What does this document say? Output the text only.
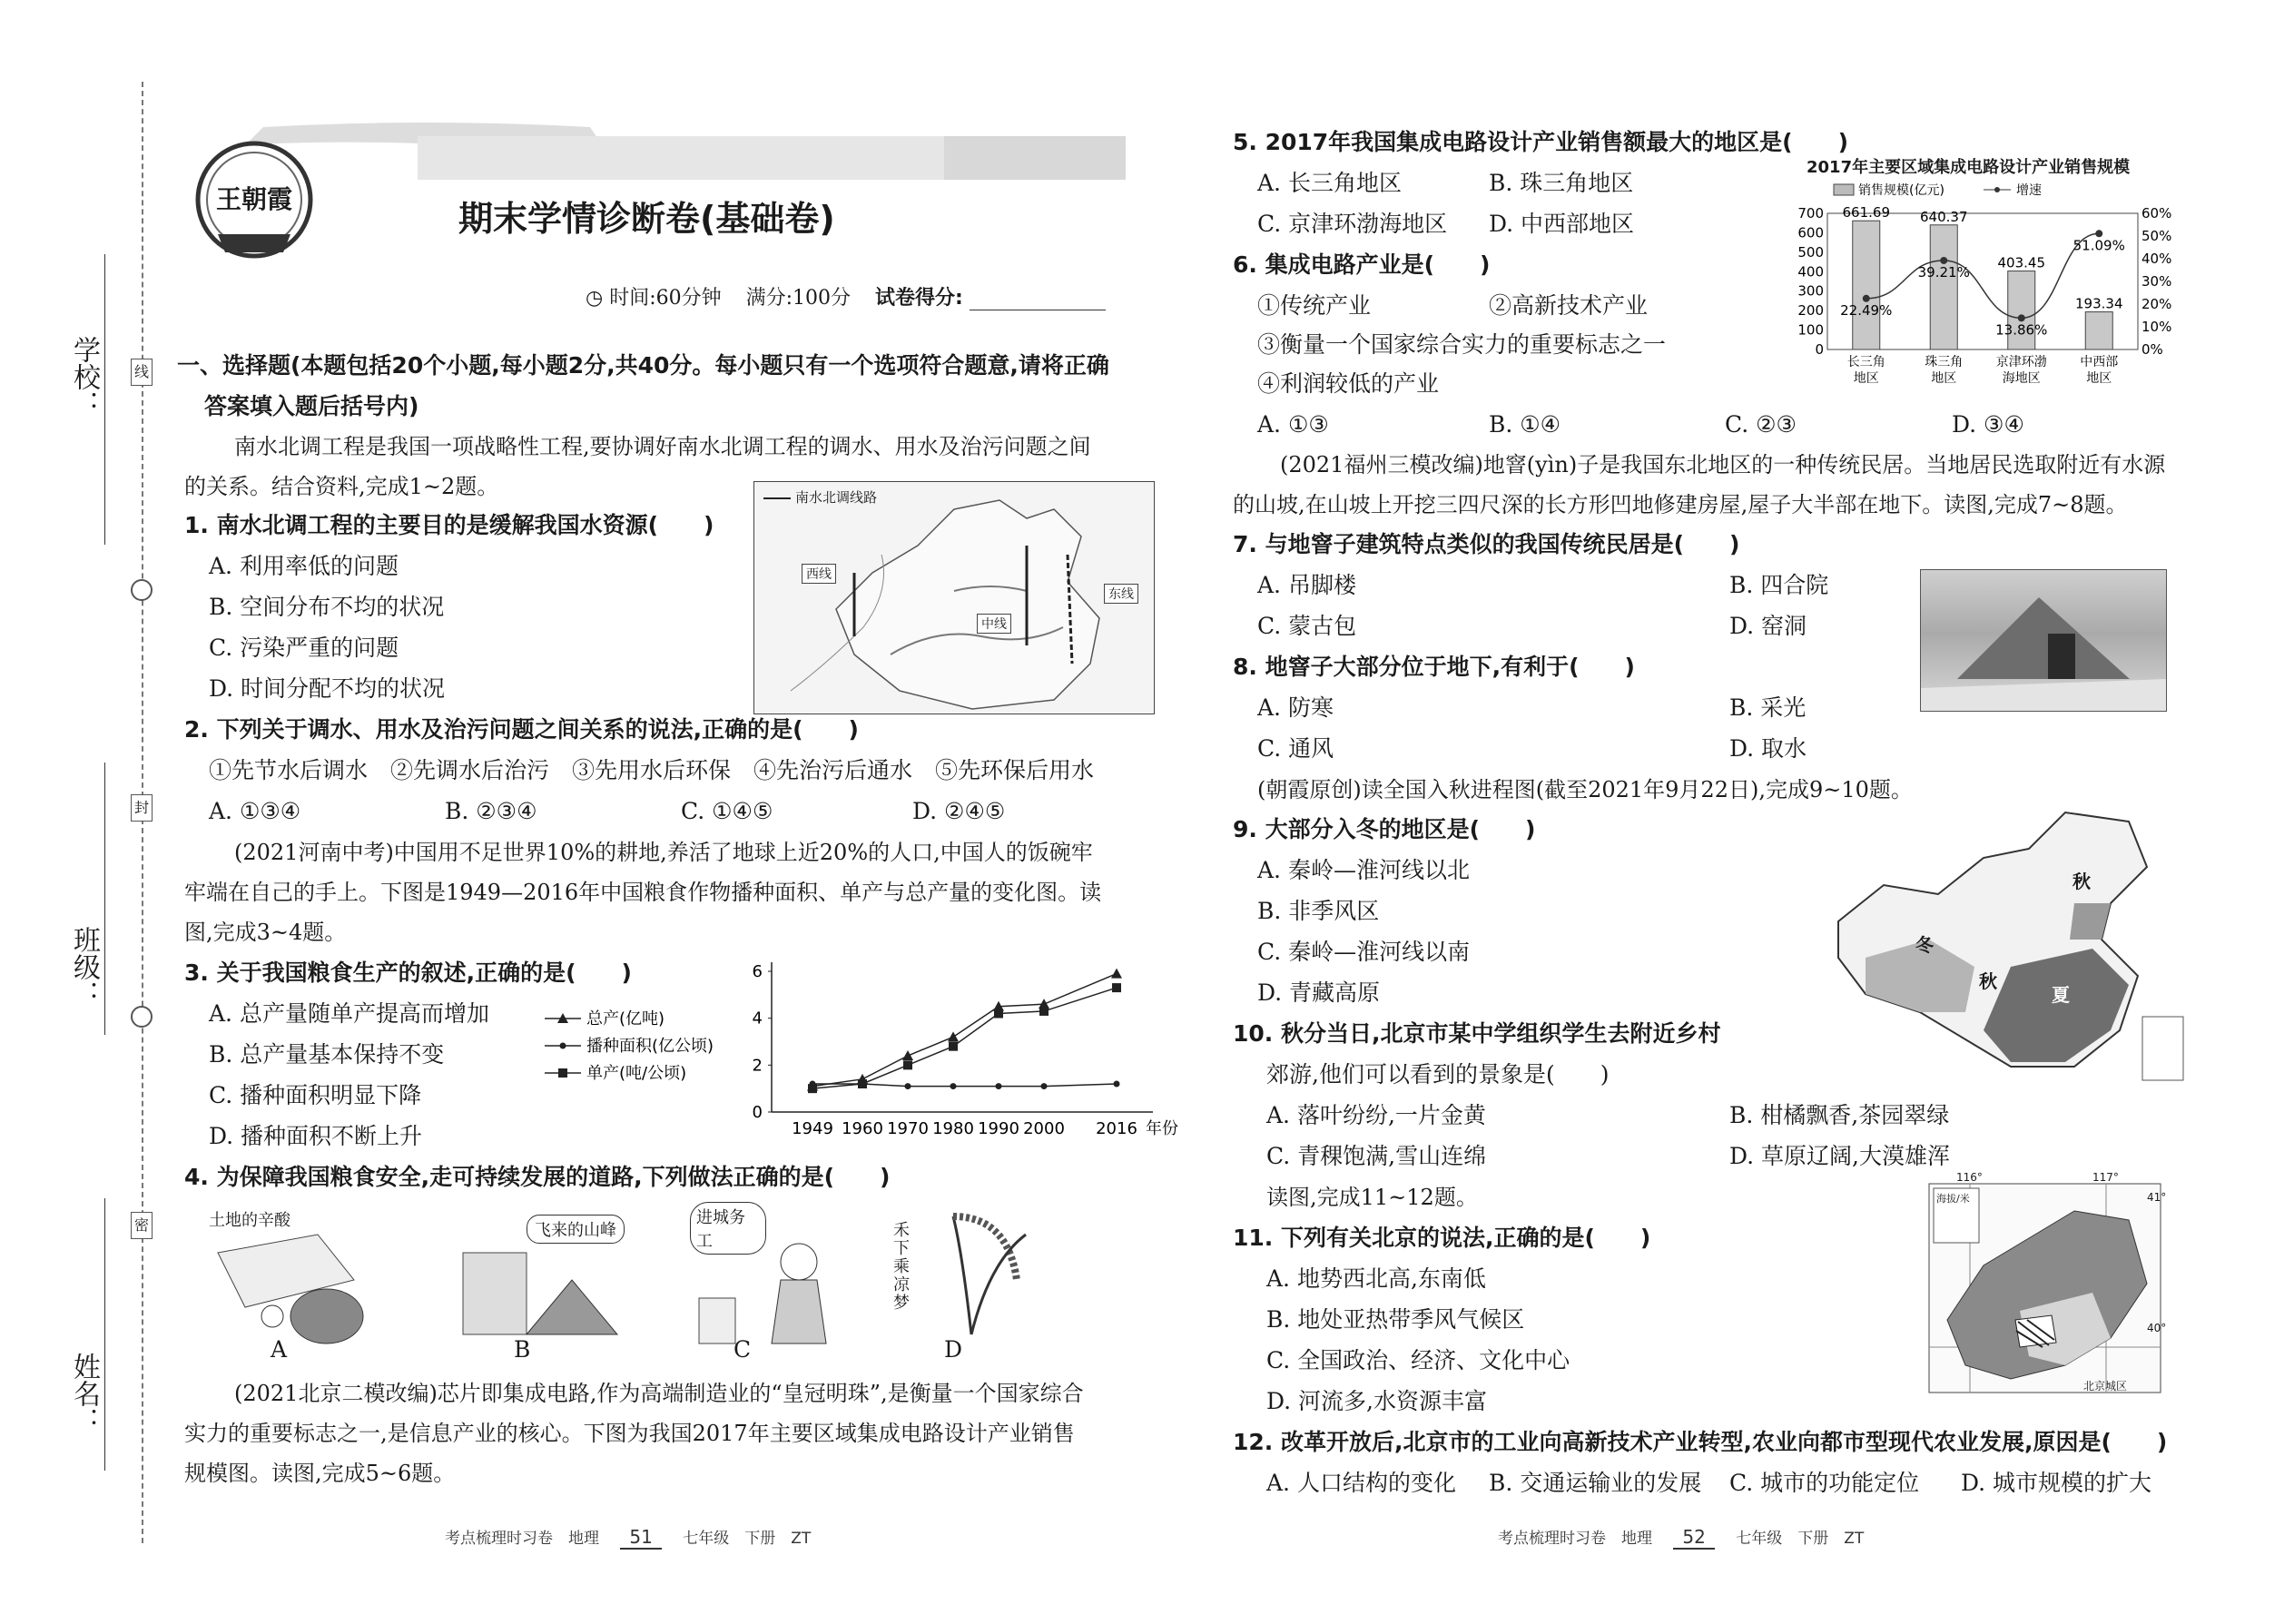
学校：
班级：
姓名：
线
封
密
王朝霞	期末学情诊断卷(基础卷)
◷ 时间:60分钟 满分:100分 试卷得分:
一、选择题(本题包括20个小题,每小题2分,共40分。每小题只有一个选项符合题意,请将正确
答案填入题后括号内)
南水北调工程是我国一项战略性工程,要协调好南水北调工程的调水、用水及治污问题之间
的关系。结合资料,完成1~2题。	南水北调线路
西线
中线
东线
1. 南水北调工程的主要目的是缓解我国水资源(　　)
A. 利用率低的问题
B. 空间分布不均的状况
C. 污染严重的问题
D. 时间分配不均的状况
2. 下列关于调水、用水及治污问题之间关系的说法,正确的是(　　)
①先节水后调水　②先调水后治污　③先用水后环保　④先治污后通水　⑤先环保后用水
A. ①③④	B. ②③④	C. ①④⑤	D. ②④⑤
(2021河南中考)中国用不足世界10%的耕地,养活了地球上近20%的人口,中国人的饭碗牢
牢端在自己的手上。下图是1949—2016年中国粮食作物播种面积、单产与总产量的变化图。读
图,完成3~4题。
3. 关于我国粮食生产的叙述,正确的是(　　)
A. 总产量随单产提高而增加
B. 总产量基本保持不变
C. 播种面积明显下降
D. 播种面积不断上升
0
2
4
6
1949 1960 1970 1980 1990 2000 2016 年份
总产(亿吨)
播种面积(亿公顷)
单产(吨/公顷)
4. 为保障我国粮食安全,走可持续发展的道路,下列做法正确的是(　　)
土地的辛酸
飞来的山峰
进城务工
禾下乘凉梦
A	B	C	D
(2021北京二模改编)芯片即集成电路,作为高端制造业的“皇冠明珠”,是衡量一个国家综合
实力的重要标志之一,是信息产业的核心。下图为我国2017年主要区域集成电路设计产业销售
规模图。读图,完成5~6题。
考点梳理时习卷　地理 51 七年级　下册　ZT
5. 2017年我国集成电路设计产业销售额最大的地区是(　　)
A. 长三角地区	B. 珠三角地区
C. 京津环渤海地区 D. 中西部地区
2017年主要区域集成电路设计产业销售规模
销售规模(亿元)	增速
0
100
200
300
400
500
600
700
0%
10%
20%
30%
40%
50%
60%
661.69
长三角
地区
640.37
珠三角
地区
403.45
京津环渤
海地区
193.34
中西部
地区
22.49%
39.21%
13.86%
51.09%
6. 集成电路产业是(　　)
①传统产业	②高新技术产业
③衡量一个国家综合实力的重要标志之一
④利润较低的产业
A. ①③	B. ①④	C. ②③	D. ③④
(2021福州三模改编)地窨(yìn)子是我国东北地区的一种传统民居。当地居民选取附近有水源
的山坡,在山坡上开挖三四尺深的长方形凹地修建房屋,屋子大半部在地下。读图,完成7~8题。
7. 与地窨子建筑特点类似的我国传统民居是(　　)
A. 吊脚楼	B. 四合院
C. 蒙古包	D. 窑洞
8. 地窨子大部分位于地下,有利于(　　)
A. 防寒	B. 采光
C. 通风	D. 取水
(朝霞原创)读全国入秋进程图(截至2021年9月22日),完成9~10题。
9. 大部分入冬的地区是(　　)
A. 秦岭—淮河线以北
B. 非季风区
C. 秦岭—淮河线以南
D. 青藏高原
秋
冬
秋
夏
10. 秋分当日,北京市某中学组织学生去附近乡村
郊游,他们可以看到的景象是(　　)
A. 落叶纷纷,一片金黄	B. 柑橘飘香,茶园翠绿
C. 青稞饱满,雪山连绵	D. 草原辽阔,大漠雄浑
读图,完成11~12题。
116°	117°
海拔/米	41°
40°
北京城区
11. 下列有关北京的说法,正确的是(　　)
A. 地势西北高,东南低
B. 地处亚热带季风气候区
C. 全国政治、经济、文化中心
D. 河流多,水资源丰富
12. 改革开放后,北京市的工业向高新技术产业转型,农业向都市型现代农业发展,原因是(　　)
A. 人口结构的变化 B. 交通运输业的发展 C. 城市的功能定位 D. 城市规模的扩大
考点梳理时习卷　地理 52 七年级　下册　ZT
